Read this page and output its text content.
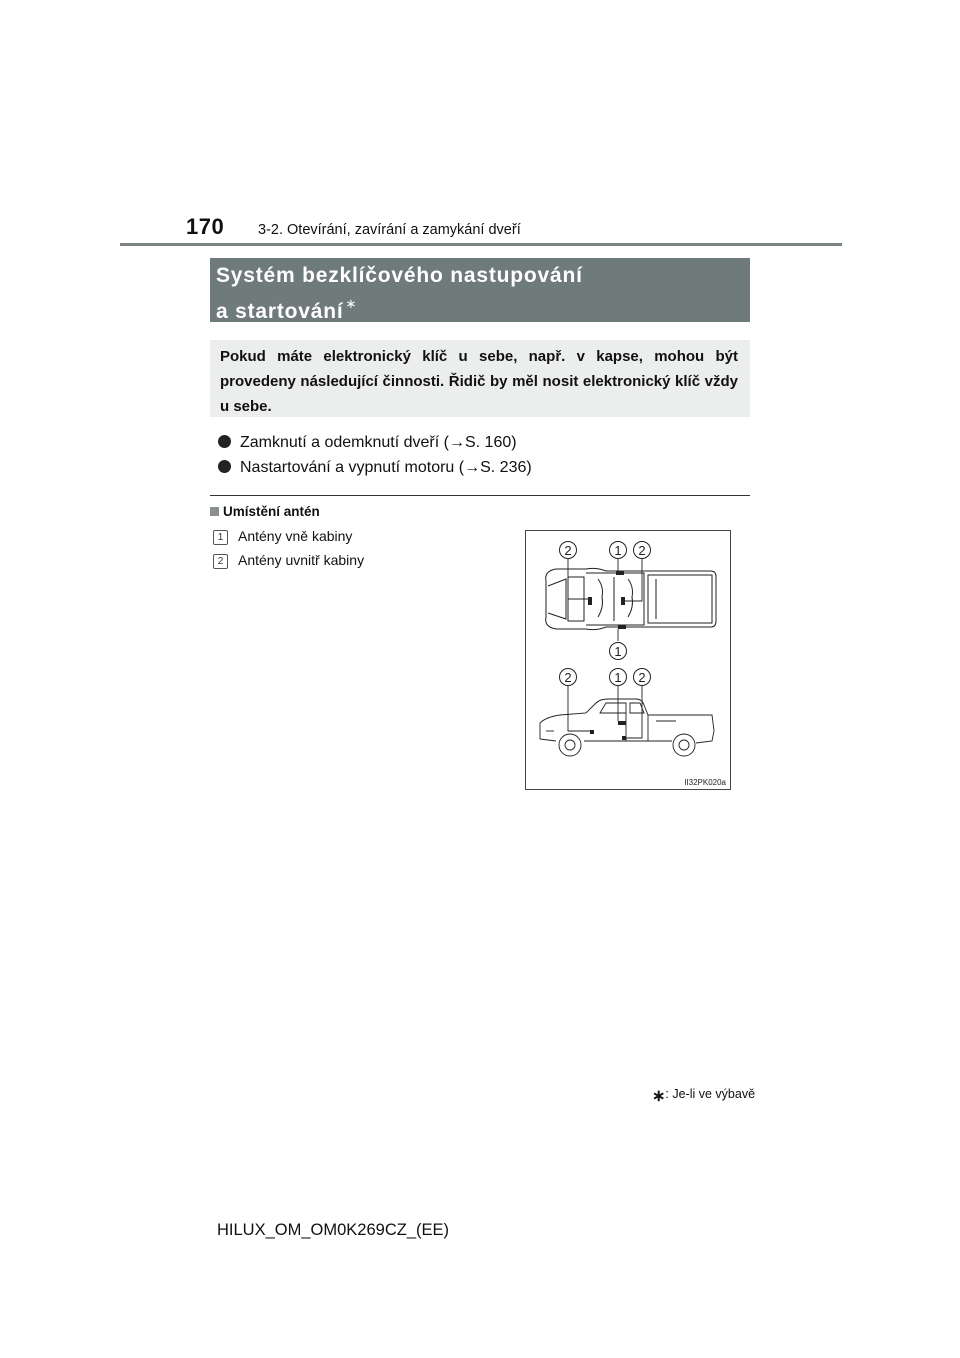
170 3-2. Otevírání, zavírání a zamykání dveří
Systém bezklíčového nastupování
a startování ∗
Pokud máte elektronický klíč u sebe, např. v kapse, mohou být provedeny následující činnosti. Řidič by měl nosit elektronický klíč vždy u sebe.
Zamknutí a odemknutí dveří (→S. 160)
Nastartování a vypnutí motoru (→S. 236)
Umístění antén
1 Antény vně kabiny
2 Antény uvnitř kabiny
2	1 2
1
2	1 2
II32PK020a
∗: Je-li ve výbavě
HILUX_OM_OM0K269CZ_(EE)
